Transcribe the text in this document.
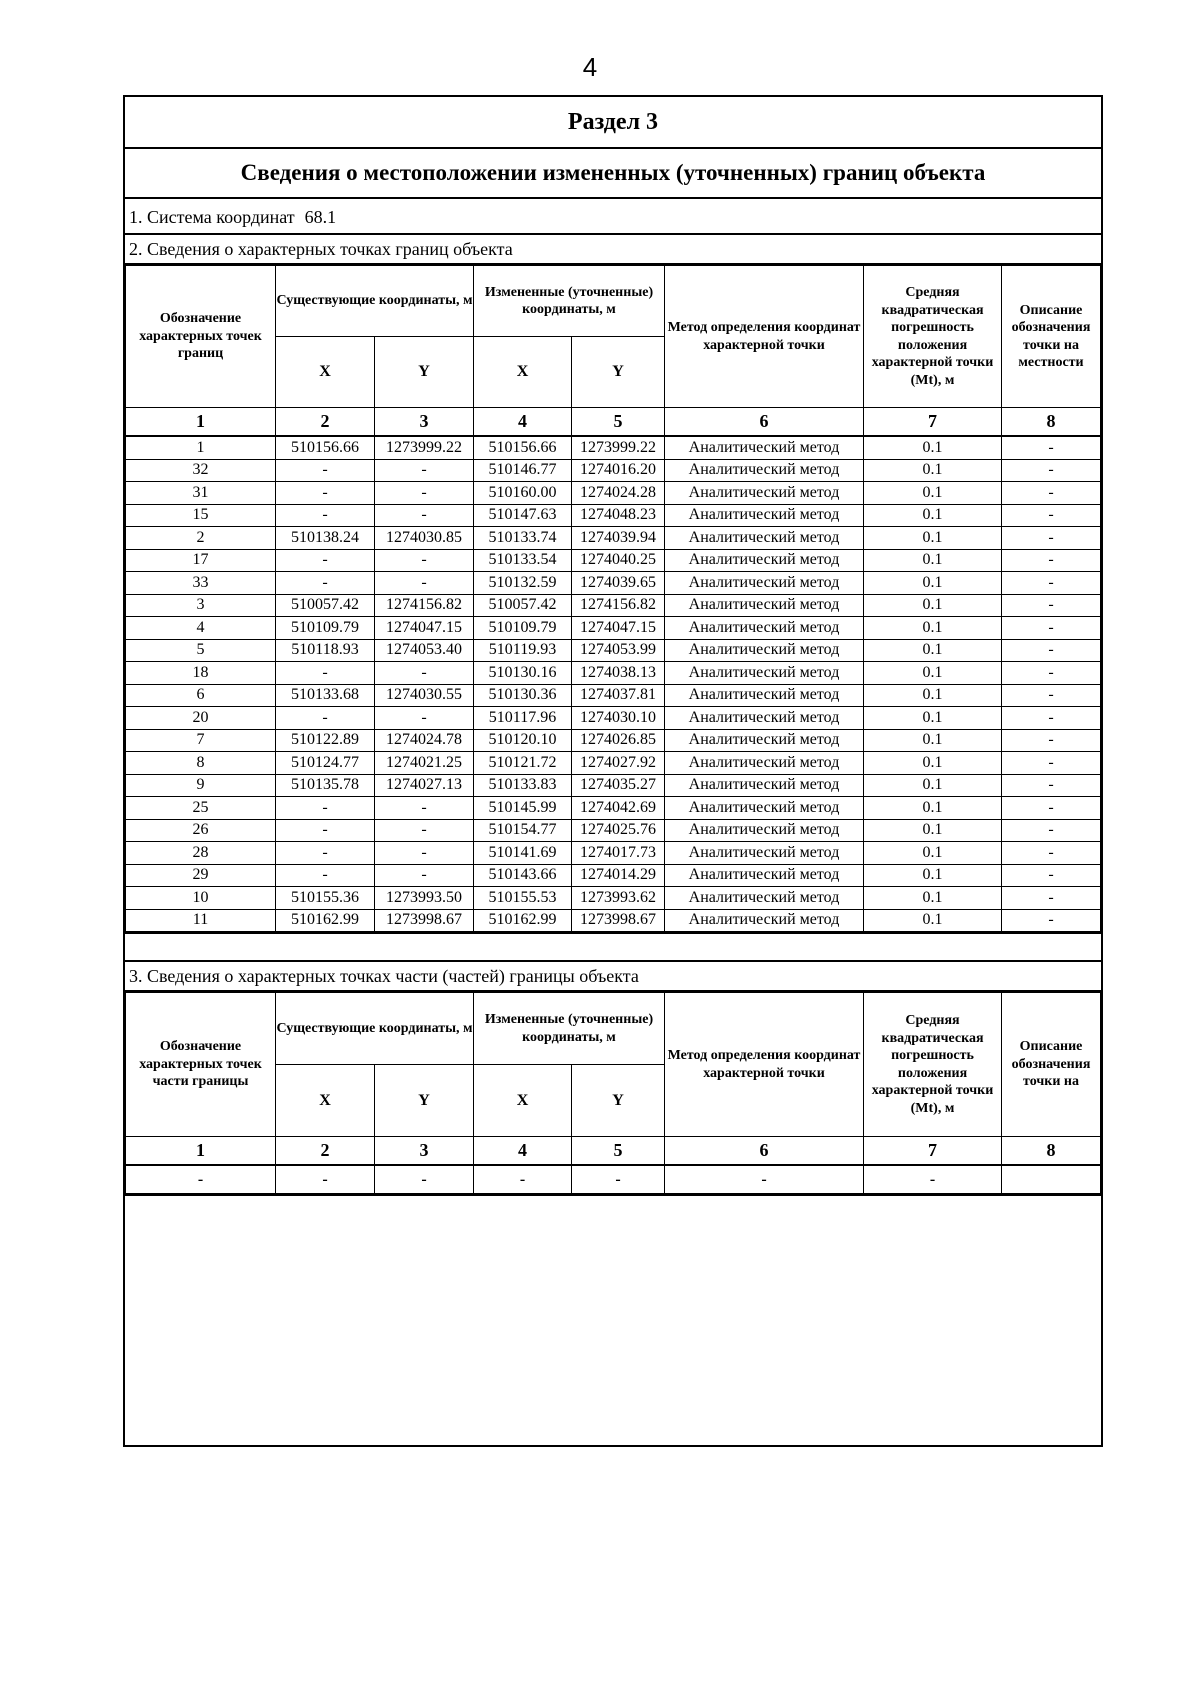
4
Раздел 3
Сведения о местоположении измененных (уточненных) границ объекта
1. Система координат 68.1
2. Сведения о характерных точках границ объекта
Обозначение характерных точек границ	Существующие координаты, м		Измененные (уточненные) координаты, м		Метод определения координат характерной точки	Средняя квадратическая погрешность положения характерной точки (Mt), м	Описание обозначения точки на местности
	X	Y	X	Y			
1	2	3	4	5	6	7	8
1	510156.66	1273999.22	510156.66	1273999.22	Аналитический метод	0.1	-
32	-	-	510146.77	1274016.20	Аналитический метод	0.1	-
31	-	-	510160.00	1274024.28	Аналитический метод	0.1	-
15	-	-	510147.63	1274048.23	Аналитический метод	0.1	-
2	510138.24	1274030.85	510133.74	1274039.94	Аналитический метод	0.1	-
17	-	-	510133.54	1274040.25	Аналитический метод	0.1	-
33	-	-	510132.59	1274039.65	Аналитический метод	0.1	-
3	510057.42	1274156.82	510057.42	1274156.82	Аналитический метод	0.1	-
4	510109.79	1274047.15	510109.79	1274047.15	Аналитический метод	0.1	-
5	510118.93	1274053.40	510119.93	1274053.99	Аналитический метод	0.1	-
18	-	-	510130.16	1274038.13	Аналитический метод	0.1	-
6	510133.68	1274030.55	510130.36	1274037.81	Аналитический метод	0.1	-
20	-	-	510117.96	1274030.10	Аналитический метод	0.1	-
7	510122.89	1274024.78	510120.10	1274026.85	Аналитический метод	0.1	-
8	510124.77	1274021.25	510121.72	1274027.92	Аналитический метод	0.1	-
9	510135.78	1274027.13	510133.83	1274035.27	Аналитический метод	0.1	-
25	-	-	510145.99	1274042.69	Аналитический метод	0.1	-
26	-	-	510154.77	1274025.76	Аналитический метод	0.1	-
28	-	-	510141.69	1274017.73	Аналитический метод	0.1	-
29	-	-	510143.66	1274014.29	Аналитический метод	0.1	-
10	510155.36	1273993.50	510155.53	1273993.62	Аналитический метод	0.1	-
11	510162.99	1273998.67	510162.99	1273998.67	Аналитический метод	0.1	-
3. Сведения о характерных точках части (частей) границы объекта
Обозначение характерных точек части границы	Существующие координаты, м		Измененные (уточненные) координаты, м		Метод определения координат характерной точки	Средняя квадратическая погрешность положения характерной точки (Mt), м	Описание обозначения точки на
	X	Y	X	Y			
1	2	3	4	5	6	7	8
-	-	-	-	-	-	-	
